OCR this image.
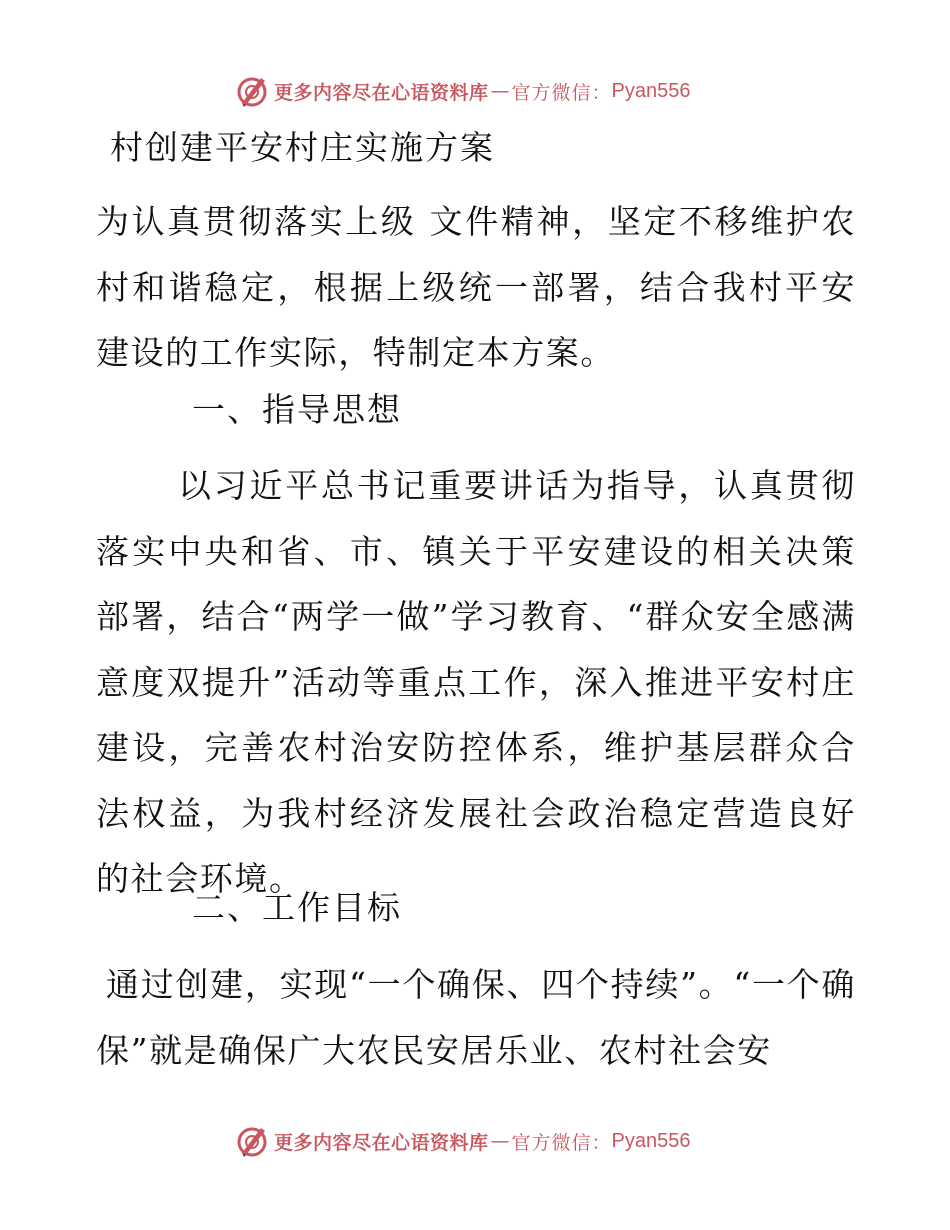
更多内容尽在心语资料库 — 官方微信： Pyan556
村创建平安村庄实施方案

为认真贯彻落实上级 文件精神，坚定不移维护农村和谐稳定，根据上级统一部署，结合我村平安建设的工作实际，特制定本方案。

一、指导思想

以习近平总书记重要讲话为指导，认真贯彻落实中央和省、市、镇关于平安建设的相关决策部署，结合“两学一做”学习教育、“群众安全感满意度双提升”活动等重点工作，深入推进平安村庄建设，完善农村治安防控体系，维护基层群众合法权益，为我村经济发展社会政治稳定营造良好的社会环境。

二、工作目标

通过创建，实现“一个确保、四个持续”。“一个确保”就是确保广大农民安居乐业、农村社会安

更多内容尽在心语资料库 — 官方微信： Pyan556
